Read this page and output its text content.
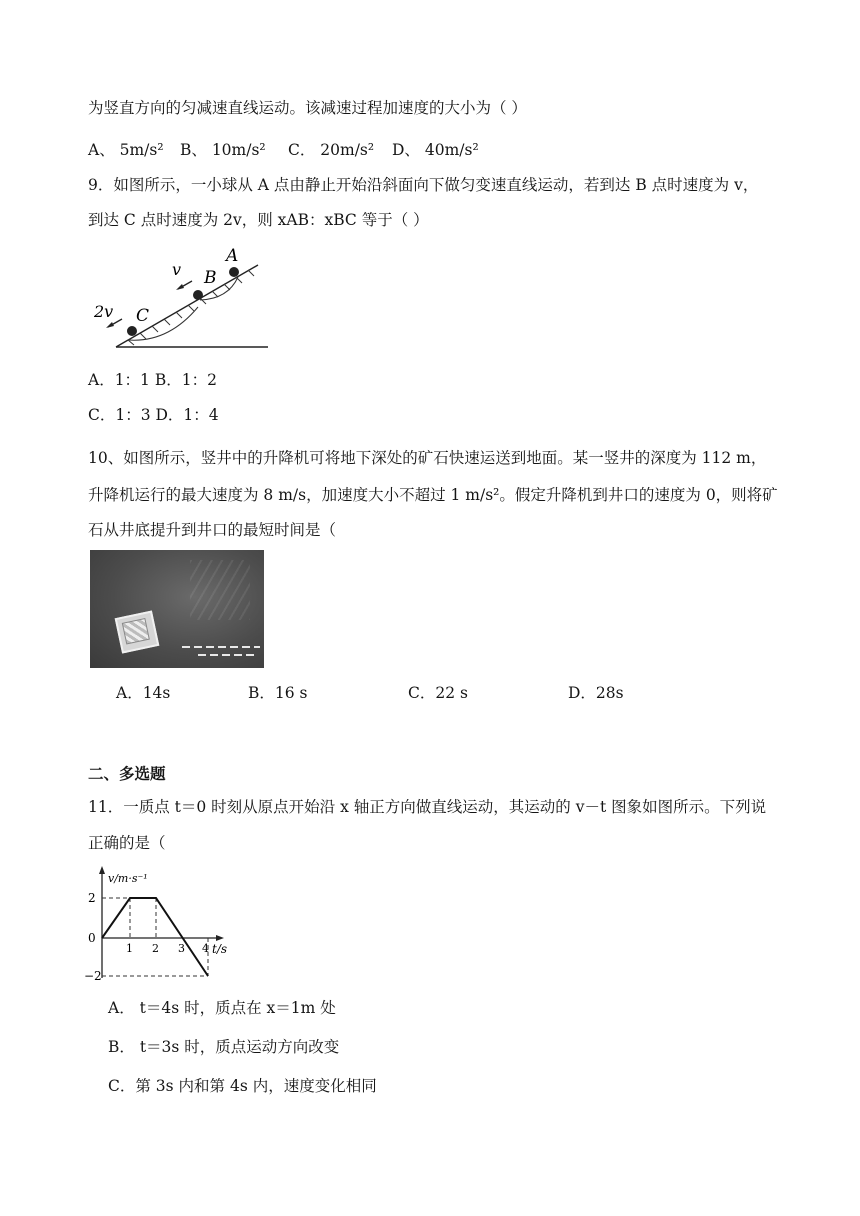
为竖直方向的匀减速直线运动。该减速过程加速度的大小为（ ）
A、 5m/s² B、 10m/s² C． 20m/s² D、 40m/s²
9．如图所示，一小球从 A 点由静止开始沿斜面向下做匀变速直线运动，若到达 B 点时速度为 v，
到达 C 点时速度为 2v，则 xAB：xBC 等于（ ）
2v C
v B
A
A．1：1 B．1：2
C．1：3 D．1：4
10、如图所示，竖井中的升降机可将地下深处的矿石快速运送到地面。某一竖井的深度为 112 m，
升降机运行的最大速度为 8 m/s，加速度大小不超过 1 m/s²。假定升降机到井口的速度为 0，则将矿
石从井底提升到井口的最短时间是（
A．14s	B．16 s	C．22 s	D．28s
二、多选题
11．一质点 t＝0 时刻从原点开始沿 x 轴正方向做直线运动，其运动的 v－t 图象如图所示。下列说
正确的是（
v/m·s⁻¹
t/s
2
0
−2
1 2 3 4
A． t＝4s 时，质点在 x＝1m 处
B． t＝3s 时，质点运动方向改变
C．第 3s 内和第 4s 内，速度变化相同
